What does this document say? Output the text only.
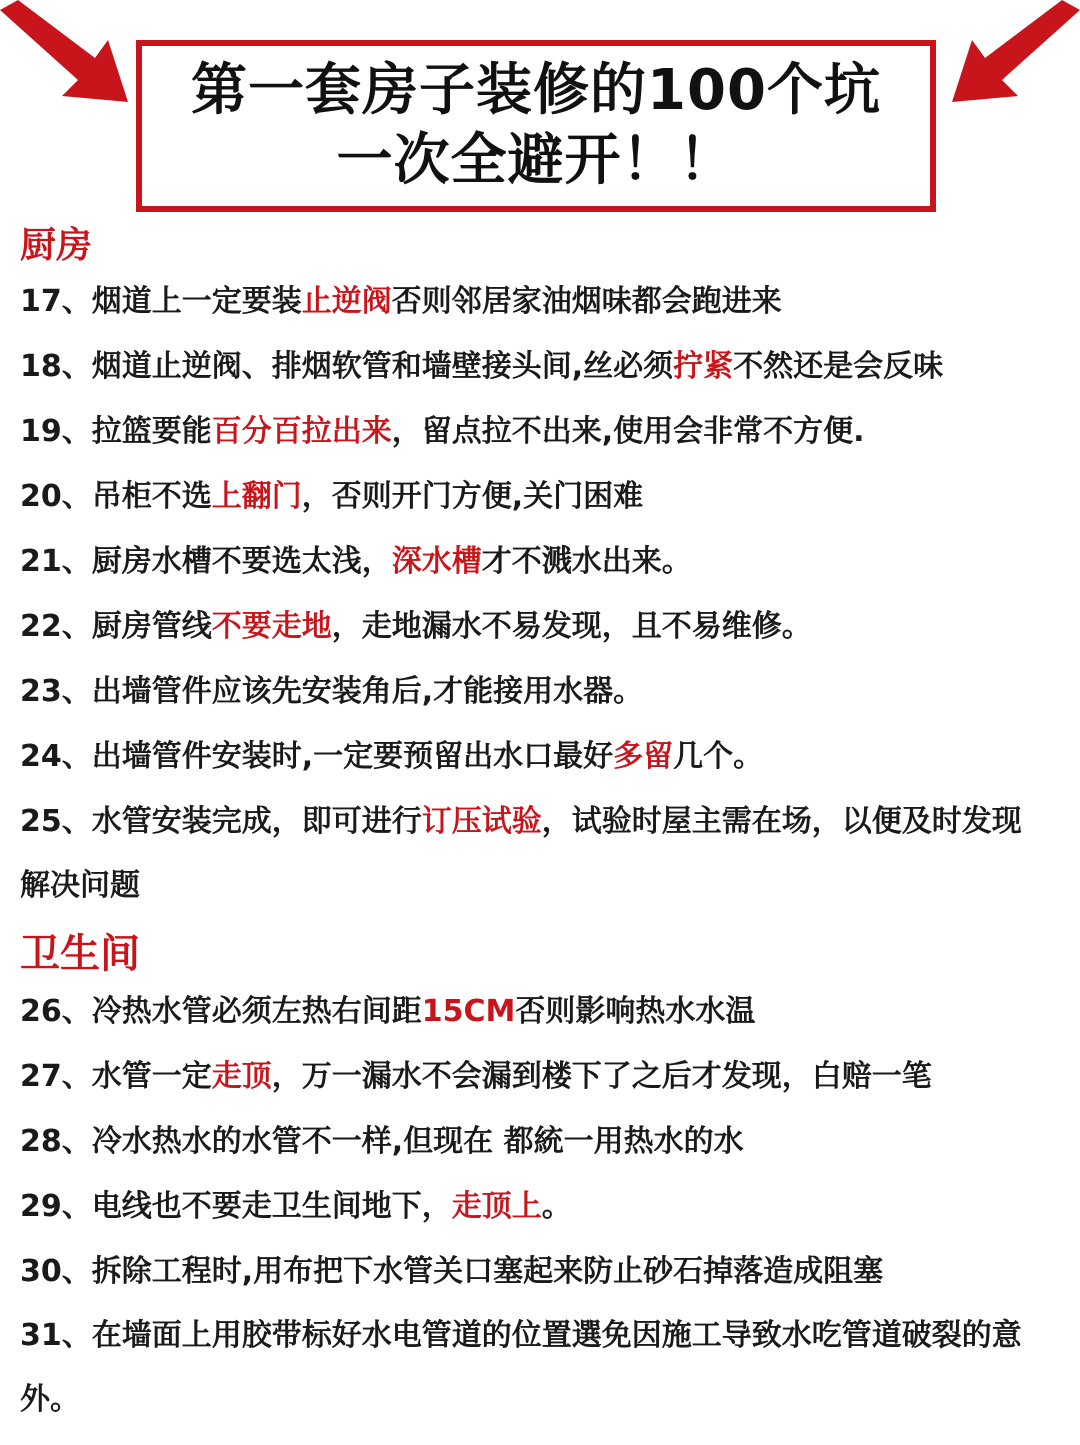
第一套房子装修的100个坑
一次全避开！！
厨房
17、烟道上一定要装止逆阀否则邻居家油烟味都会跑进来
18、烟道止逆阀、排烟软管和墙壁接头间,丝必须拧紧不然还是会反味
19、拉篮要能百分百拉出来，留点拉不出来,使用会非常不方便.
20、吊柜不选上翻门，否则开门方便,关门困难
21、厨房水槽不要选太浅，深水槽才不溅水出来。
22、厨房管线不要走地，走地漏水不易发现，且不易维修。
23、出墙管件应该先安装角后,才能接用水器。
24、出墙管件安装时,一定要预留出水口最好多留几个。
25、水管安装完成，即可进行订压试验，试验时屋主需在场，以便及时发现解决问题
卫生间
26、冷热水管必须左热右间距15CM否则影响热水水温
27、水管一定走顶，万一漏水不会漏到楼下了之后才发现，白赔一笔
28、冷水热水的水管不一样,但现在 都統一用热水的水
29、电线也不要走卫生间地下，走顶上。
30、拆除工程时,用布把下水管关口塞起来防止砂石掉落造成阻塞
31、在墙面上用胶带标好水电管道的位置選免因施工导致水吃管道破裂的意外。
